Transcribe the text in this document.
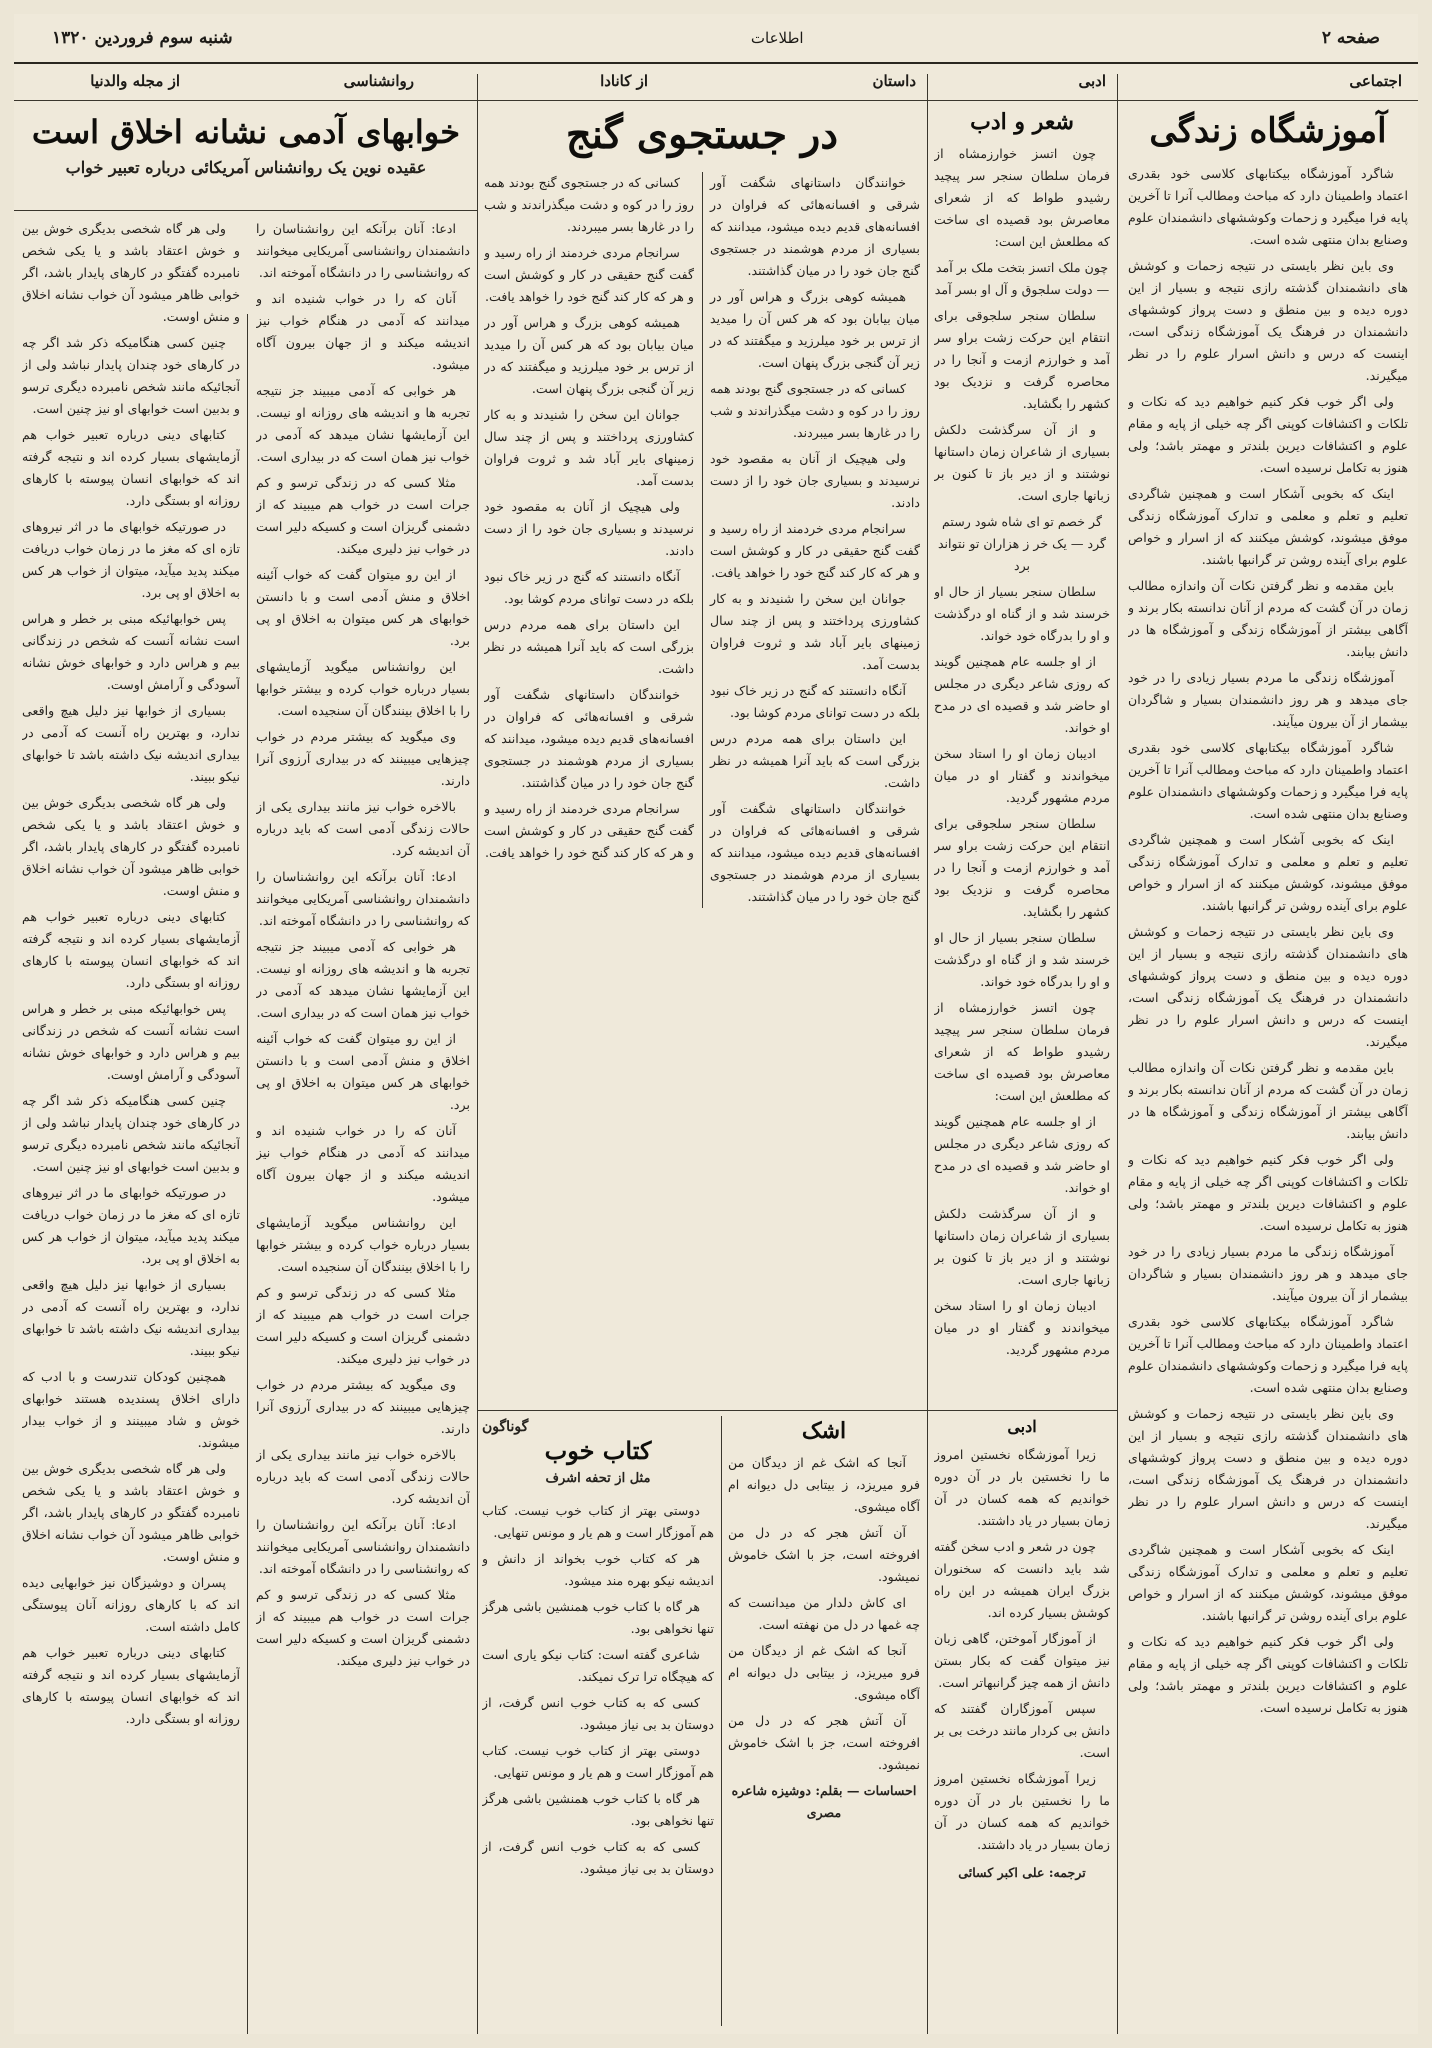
صفحه ۲
اطلاعات
شنبه سوم فروردین ۱۳۲۰
اجتماعی
ادبی
داستان
از کانادا
روانشناسی
از مجله والدنیا
آموزشگاه زندگی

شاگرد آموزشگاه بیکتابهای کلاسی خود بقدری اعتماد واطمینان دارد که مباحث ومطالب آنرا تا آخرین پایه فرا میگیرد و زحمات وکوششهای دانشمندان علوم وصنایع بدان منتهی شده است.

وی باین نظر بایستی در نتیجه زحمات و کوشش های دانشمندان گذشته رازی نتیجه و بسیار از این دوره دیده و بین منطق و دست پرواز کوششهای دانشمندان در فرهنگ یک آموزشگاه زندگی است، اینست که درس و دانش اسرار علوم را در نظر میگیرند.

ولی اگر خوب فکر کنیم خواهیم دید که نکات و تلکات و اکتشافات کوپنی اگر چه خیلی از پایه و مقام علوم و اکتشافات دیرین بلندتر و مهمتر باشد؛ ولی هنوز به تکامل نرسیده است.

اینک که بخوبی آشکار است و همچنین شاگردی تعلیم و تعلم و معلمی و تدارک آموزشگاه زندگی موفق میشوند، کوشش میکنند که از اسرار و خواص علوم برای آینده روشن تر گرانبها باشند.

باین مقدمه و نظر گرفتن نکات آن واندازه مطالب زمان در آن گشت که مردم از آنان ندانسته بکار برند و آگاهی بیشتر از آموزشگاه زندگی و آموزشگاه ها در دانش بیابند.

آموزشگاه زندگی ما مردم بسیار زیادی را در خود جای میدهد و هر روز دانشمندان بسیار و شاگردان بیشمار از آن بیرون میآیند.

شاگرد آموزشگاه بیکتابهای کلاسی خود بقدری اعتماد واطمینان دارد که مباحث ومطالب آنرا تا آخرین پایه فرا میگیرد و زحمات وکوششهای دانشمندان علوم وصنایع بدان منتهی شده است.

اینک که بخوبی آشکار است و همچنین شاگردی تعلیم و تعلم و معلمی و تدارک آموزشگاه زندگی موفق میشوند، کوشش میکنند که از اسرار و خواص علوم برای آینده روشن تر گرانبها باشند.

وی باین نظر بایستی در نتیجه زحمات و کوشش های دانشمندان گذشته رازی نتیجه و بسیار از این دوره دیده و بین منطق و دست پرواز کوششهای دانشمندان در فرهنگ یک آموزشگاه زندگی است، اینست که درس و دانش اسرار علوم را در نظر میگیرند.

باین مقدمه و نظر گرفتن نکات آن واندازه مطالب زمان در آن گشت که مردم از آنان ندانسته بکار برند و آگاهی بیشتر از آموزشگاه زندگی و آموزشگاه ها در دانش بیابند.

ولی اگر خوب فکر کنیم خواهیم دید که نکات و تلکات و اکتشافات کوپنی اگر چه خیلی از پایه و مقام علوم و اکتشافات دیرین بلندتر و مهمتر باشد؛ ولی هنوز به تکامل نرسیده است.

آموزشگاه زندگی ما مردم بسیار زیادی را در خود جای میدهد و هر روز دانشمندان بسیار و شاگردان بیشمار از آن بیرون میآیند.

شاگرد آموزشگاه بیکتابهای کلاسی خود بقدری اعتماد واطمینان دارد که مباحث ومطالب آنرا تا آخرین پایه فرا میگیرد و زحمات وکوششهای دانشمندان علوم وصنایع بدان منتهی شده است.

وی باین نظر بایستی در نتیجه زحمات و کوشش های دانشمندان گذشته رازی نتیجه و بسیار از این دوره دیده و بین منطق و دست پرواز کوششهای دانشمندان در فرهنگ یک آموزشگاه زندگی است، اینست که درس و دانش اسرار علوم را در نظر میگیرند.

اینک که بخوبی آشکار است و همچنین شاگردی تعلیم و تعلم و معلمی و تدارک آموزشگاه زندگی موفق میشوند، کوشش میکنند که از اسرار و خواص علوم برای آینده روشن تر گرانبها باشند.

ولی اگر خوب فکر کنیم خواهیم دید که نکات و تلکات و اکتشافات کوپنی اگر چه خیلی از پایه و مقام علوم و اکتشافات دیرین بلندتر و مهمتر باشد؛ ولی هنوز به تکامل نرسیده است.

شعر و ادب

چون اتسز خوارزمشاه از فرمان سلطان سنجر سر پیچید رشیدو طواط که از شعرای معاصرش بود قصیده ای ساخت که مطلعش این است:

چون ملک اتسز بتخت ملک بر آمد — دولت سلجوق و آل او بسر آمد

سلطان سنجر سلجوقی برای انتقام این حرکت زشت براو سر آمد و خوارزم ازمت و آنجا را در محاصره گرفت و نزدیک بود کشهر را بگشاید.

و از آن سرگذشت دلکش بسیاری از شاعران زمان داستانها نوشتند و از دیر باز تا کنون بر زبانها جاری است.

گر خصم تو ای شاه شود رستم گرد — یک خر ز هزاران تو نتواند برد

سلطان سنجر بسیار از حال او خرسند شد و از گناه او درگذشت و او را بدرگاه خود خواند.

از او جلسه عام همچنین گویند که روزی شاعر دیگری در مجلس او حاضر شد و قصیده ای در مدح او خواند.

ادیبان زمان او را استاد سخن میخواندند و گفتار او در میان مردم مشهور گردید.

سلطان سنجر سلجوقی برای انتقام این حرکت زشت براو سر آمد و خوارزم ازمت و آنجا را در محاصره گرفت و نزدیک بود کشهر را بگشاید.

سلطان سنجر بسیار از حال او خرسند شد و از گناه او درگذشت و او را بدرگاه خود خواند.

چون اتسز خوارزمشاه از فرمان سلطان سنجر سر پیچید رشیدو طواط که از شعرای معاصرش بود قصیده ای ساخت که مطلعش این است:

از او جلسه عام همچنین گویند که روزی شاعر دیگری در مجلس او حاضر شد و قصیده ای در مدح او خواند.

و از آن سرگذشت دلکش بسیاری از شاعران زمان داستانها نوشتند و از دیر باز تا کنون بر زبانها جاری است.

ادیبان زمان او را استاد سخن میخواندند و گفتار او در میان مردم مشهور گردید.

در جستجوی گنج

خوانندگان داستانهای شگفت آور شرقی و افسانه‌هائی که فراوان در افسانه‌های قدیم دیده میشود، میدانند که بسیاری از مردم هوشمند در جستجوی گنج جان خود را در میان گذاشتند.

همیشه کوهی بزرگ و هراس آور در میان بیابان بود که هر کس آن را میدید از ترس بر خود میلرزید و میگفتند که در زیر آن گنجی بزرگ پنهان است.

کسانی که در جستجوی گنج بودند همه روز را در کوه و دشت میگذراندند و شب را در غارها بسر میبردند.

ولی هیچیک از آنان به مقصود خود نرسیدند و بسیاری جان خود را از دست دادند.

سرانجام مردی خردمند از راه رسید و گفت گنج حقیقی در کار و کوشش است و هر که کار کند گنج خود را خواهد یافت.

جوانان این سخن را شنیدند و به کار کشاورزی پرداختند و پس از چند سال زمینهای بایر آباد شد و ثروت فراوان بدست آمد.

آنگاه دانستند که گنج در زیر خاک نبود بلکه در دست توانای مردم کوشا بود.

این داستان برای همه مردم درس بزرگی است که باید آنرا همیشه در نظر داشت.

خوانندگان داستانهای شگفت آور شرقی و افسانه‌هائی که فراوان در افسانه‌های قدیم دیده میشود، میدانند که بسیاری از مردم هوشمند در جستجوی گنج جان خود را در میان گذاشتند.

کسانی که در جستجوی گنج بودند همه روز را در کوه و دشت میگذراندند و شب را در غارها بسر میبردند.

سرانجام مردی خردمند از راه رسید و گفت گنج حقیقی در کار و کوشش است و هر که کار کند گنج خود را خواهد یافت.

همیشه کوهی بزرگ و هراس آور در میان بیابان بود که هر کس آن را میدید از ترس بر خود میلرزید و میگفتند که در زیر آن گنجی بزرگ پنهان است.

جوانان این سخن را شنیدند و به کار کشاورزی پرداختند و پس از چند سال زمینهای بایر آباد شد و ثروت فراوان بدست آمد.

ولی هیچیک از آنان به مقصود خود نرسیدند و بسیاری جان خود را از دست دادند.

آنگاه دانستند که گنج در زیر خاک نبود بلکه در دست توانای مردم کوشا بود.

این داستان برای همه مردم درس بزرگی است که باید آنرا همیشه در نظر داشت.

خوانندگان داستانهای شگفت آور شرقی و افسانه‌هائی که فراوان در افسانه‌های قدیم دیده میشود، میدانند که بسیاری از مردم هوشمند در جستجوی گنج جان خود را در میان گذاشتند.

سرانجام مردی خردمند از راه رسید و گفت گنج حقیقی در کار و کوشش است و هر که کار کند گنج خود را خواهد یافت.

ادبی

زیرا آموزشگاه نخستین امروز ما را نخستین بار در آن دوره خواندیم که همه کسان در آن زمان بسیار در یاد داشتند.

چون در شعر و ادب سخن گفته شد باید دانست که سخنوران بزرگ ایران همیشه در این راه کوشش بسیار کرده اند.

از آموزگار آموختن، گاهی زبان نیز میتوان گفت که بکار بستن دانش از همه چیز گرانبهاتر است.

سپس آموزگاران گفتند که دانش بی کردار مانند درخت بی بر است.

زیرا آموزشگاه نخستین امروز ما را نخستین بار در آن دوره خواندیم که همه کسان در آن زمان بسیار در یاد داشتند.

ترجمه: علی اکبر کسائی

اشک

آنجا که اشک غم از دیدگان من فرو میریزد، ز بیتابی دل دیوانه ام آگاه میشوی.

آن آتش هجر که در دل من افروخته است، جز با اشک خاموش نمیشود.

ای کاش دلدار من میدانست که چه غمها در دل من نهفته است.

آنجا که اشک غم از دیدگان من فرو میریزد، ز بیتابی دل دیوانه ام آگاه میشوی.

آن آتش هجر که در دل من افروخته است، جز با اشک خاموش نمیشود.

احساسات — بقلم: دوشیزه شاعره مصری

گوناگون
کتاب خوب
مثل از تحفه اشرف

دوستی بهتر از کتاب خوب نیست. کتاب هم آموزگار است و هم یار و مونس تنهایی.

هر که کتاب خوب بخواند از دانش و اندیشه نیکو بهره مند میشود.

هر گاه با کتاب خوب همنشین باشی هرگز تنها نخواهی بود.

شاعری گفته است: کتاب نیکو یاری است که هیچگاه ترا ترک نمیکند.

کسی که به کتاب خوب انس گرفت، از دوستان بد بی نیاز میشود.

دوستی بهتر از کتاب خوب نیست. کتاب هم آموزگار است و هم یار و مونس تنهایی.

هر گاه با کتاب خوب همنشین باشی هرگز تنها نخواهی بود.

کسی که به کتاب خوب انس گرفت، از دوستان بد بی نیاز میشود.

خوابهای آدمی نشانه اخلاق است
عقیده نوین یک روانشناس آمریکائی درباره تعبیر خواب

ادعا: آنان برآنکه این روانشناسان را دانشمندان روانشناسی آمریکایی میخوانند که روانشناسی را در دانشگاه آموخته اند.

آنان که را در خواب شنیده اند و میدانند که آدمی در هنگام خواب نیز اندیشه میکند و از جهان بیرون آگاه میشود.

هر خوابی که آدمی میبیند جز نتیجه تجربه ها و اندیشه های روزانه او نیست. این آزمایشها نشان میدهد که آدمی در خواب نیز همان است که در بیداری است.

مثلا کسی که در زندگی ترسو و کم جرات است در خواب هم میبیند که از دشمنی گریزان است و کسیکه دلیر است در خواب نیز دلیری میکند.

از این رو میتوان گفت که خواب آئینه اخلاق و منش آدمی است و با دانستن خوابهای هر کس میتوان به اخلاق او پی برد.

این روانشناس میگوید آزمایشهای بسیار درباره خواب کرده و بیشتر خوابها را با اخلاق بینندگان آن سنجیده است.

وی میگوید که بیشتر مردم در خواب چیزهایی میبینند که در بیداری آرزوی آنرا دارند.

بالاخره خواب نیز مانند بیداری یکی از حالات زندگی آدمی است که باید درباره آن اندیشه کرد.

ادعا: آنان برآنکه این روانشناسان را دانشمندان روانشناسی آمریکایی میخوانند که روانشناسی را در دانشگاه آموخته اند.

هر خوابی که آدمی میبیند جز نتیجه تجربه ها و اندیشه های روزانه او نیست. این آزمایشها نشان میدهد که آدمی در خواب نیز همان است که در بیداری است.

از این رو میتوان گفت که خواب آئینه اخلاق و منش آدمی است و با دانستن خوابهای هر کس میتوان به اخلاق او پی برد.

آنان که را در خواب شنیده اند و میدانند که آدمی در هنگام خواب نیز اندیشه میکند و از جهان بیرون آگاه میشود.

این روانشناس میگوید آزمایشهای بسیار درباره خواب کرده و بیشتر خوابها را با اخلاق بینندگان آن سنجیده است.

مثلا کسی که در زندگی ترسو و کم جرات است در خواب هم میبیند که از دشمنی گریزان است و کسیکه دلیر است در خواب نیز دلیری میکند.

وی میگوید که بیشتر مردم در خواب چیزهایی میبینند که در بیداری آرزوی آنرا دارند.

بالاخره خواب نیز مانند بیداری یکی از حالات زندگی آدمی است که باید درباره آن اندیشه کرد.

ادعا: آنان برآنکه این روانشناسان را دانشمندان روانشناسی آمریکایی میخوانند که روانشناسی را در دانشگاه آموخته اند.

مثلا کسی که در زندگی ترسو و کم جرات است در خواب هم میبیند که از دشمنی گریزان است و کسیکه دلیر است در خواب نیز دلیری میکند.

ولی هر گاه شخصی بدیگری خوش بین و خوش اعتقاد باشد و یا یکی شخص نامبرده گفتگو در کارهای پایدار باشد، اگر خوابی ظاهر میشود آن خواب نشانه اخلاق و منش اوست.

چنین کسی هنگامیکه ذکر شد اگر چه در کارهای خود چندان پایدار نباشد ولی از آنجائیکه مانند شخص نامبرده دیگری ترسو و بدبین است خوابهای او نیز چنین است.

کتابهای دینی درباره تعبیر خواب هم آزمایشهای بسیار کرده اند و نتیجه گرفته اند که خوابهای انسان پیوسته با کارهای روزانه او بستگی دارد.

در صورتیکه خوابهای ما در اثر نیروهای تازه ای که مغز ما در زمان خواب دریافت میکند پدید میآید، میتوان از خواب هر کس به اخلاق او پی برد.

پس خوابهائیکه مبنی بر خطر و هراس است نشانه آنست که شخص در زندگانی بیم و هراس دارد و خوابهای خوش نشانه آسودگی و آرامش اوست.

بسیاری از خوابها نیز دلیل هیچ واقعی ندارد، و بهترین راه آنست که آدمی در بیداری اندیشه نیک داشته باشد تا خوابهای نیکو ببیند.

ولی هر گاه شخصی بدیگری خوش بین و خوش اعتقاد باشد و یا یکی شخص نامبرده گفتگو در کارهای پایدار باشد، اگر خوابی ظاهر میشود آن خواب نشانه اخلاق و منش اوست.

کتابهای دینی درباره تعبیر خواب هم آزمایشهای بسیار کرده اند و نتیجه گرفته اند که خوابهای انسان پیوسته با کارهای روزانه او بستگی دارد.

پس خوابهائیکه مبنی بر خطر و هراس است نشانه آنست که شخص در زندگانی بیم و هراس دارد و خوابهای خوش نشانه آسودگی و آرامش اوست.

چنین کسی هنگامیکه ذکر شد اگر چه در کارهای خود چندان پایدار نباشد ولی از آنجائیکه مانند شخص نامبرده دیگری ترسو و بدبین است خوابهای او نیز چنین است.

در صورتیکه خوابهای ما در اثر نیروهای تازه ای که مغز ما در زمان خواب دریافت میکند پدید میآید، میتوان از خواب هر کس به اخلاق او پی برد.

بسیاری از خوابها نیز دلیل هیچ واقعی ندارد، و بهترین راه آنست که آدمی در بیداری اندیشه نیک داشته باشد تا خوابهای نیکو ببیند.

همچنین کودکان تندرست و با ادب که دارای اخلاق پسندیده هستند خوابهای خوش و شاد میبینند و از خواب بیدار میشوند.

ولی هر گاه شخصی بدیگری خوش بین و خوش اعتقاد باشد و یا یکی شخص نامبرده گفتگو در کارهای پایدار باشد، اگر خوابی ظاهر میشود آن خواب نشانه اخلاق و منش اوست.

پسران و دوشیزگان نیز خوابهایی دیده اند که با کارهای روزانه آنان پیوستگی کامل داشته است.

کتابهای دینی درباره تعبیر خواب هم آزمایشهای بسیار کرده اند و نتیجه گرفته اند که خوابهای انسان پیوسته با کارهای روزانه او بستگی دارد.
